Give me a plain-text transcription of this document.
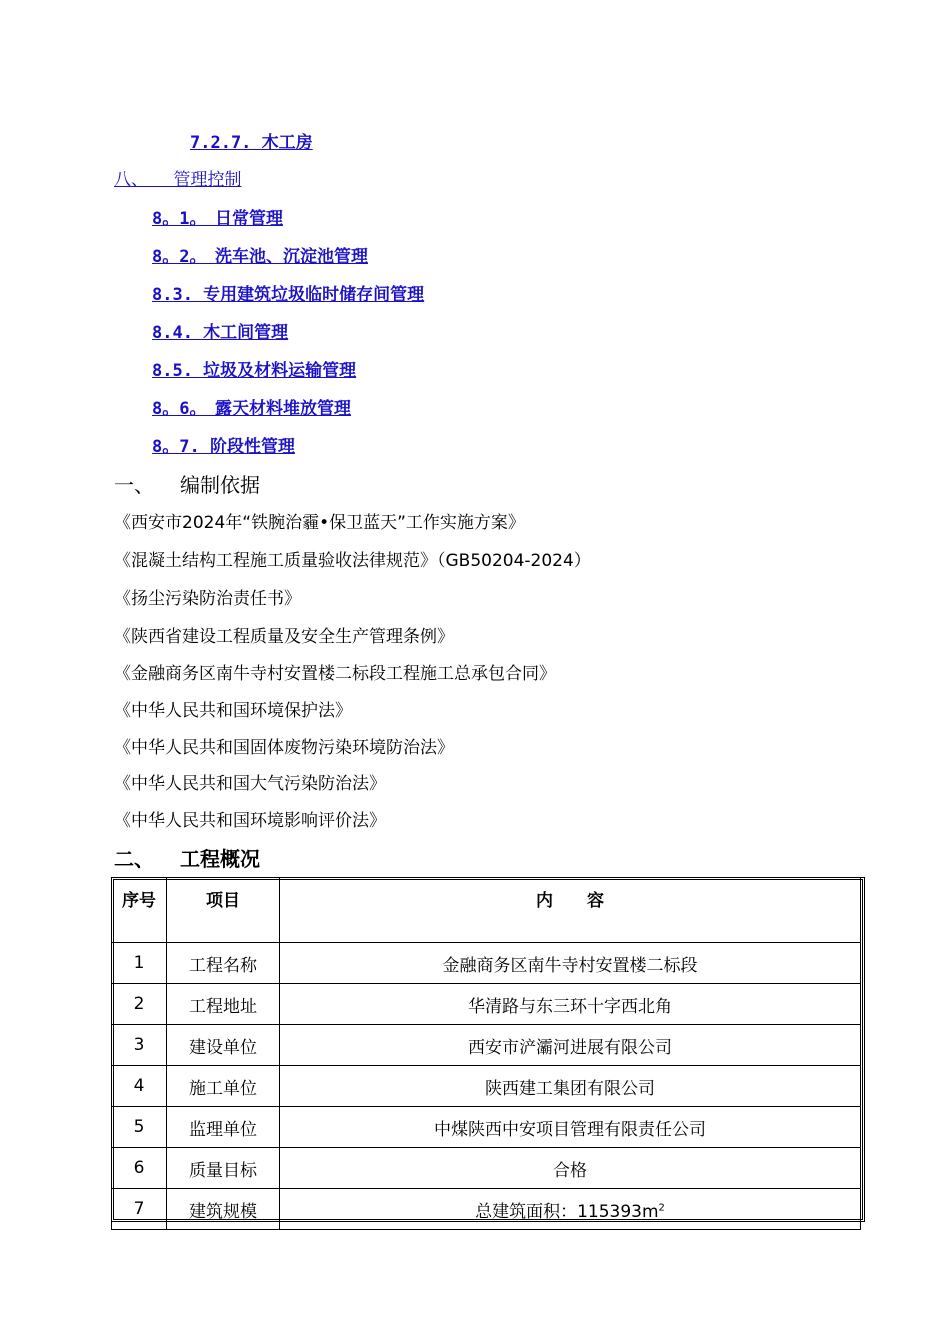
7.2.7. 木工房
八、　　管理控制
8。1。　日常管理
8。2。　洗车池、沉淀池管理
8.3. 专用建筑垃圾临时储存间管理
8.4. 木工间管理
8.5. 垃圾及材料运输管理
8。6。　露天材料堆放管理
8。7. 阶段性管理
一、 编制依据
《西安市2024年“铁腕治霾•保卫蓝天”工作实施方案》
《混凝土结构工程施工质量验收法律规范》（GB50204-2024）
《扬尘污染防治责任书》
《陕西省建设工程质量及安全生产管理条例》
《金融商务区南牛寺村安置楼二标段工程施工总承包合同》
《中华人民共和国环境保护法》
《中华人民共和国固体废物污染环境防治法》
《中华人民共和国大气污染防治法》
《中华人民共和国环境影响评价法》
二、 工程概况
序号	项目	内　　容
1	工程名称	金融商务区南牛寺村安置楼二标段
2	工程地址	华清路与东三环十字西北角
3	建设单位	西安市浐灞河进展有限公司
4	施工单位	陕西建工集团有限公司
5	监理单位	中煤陕西中安项目管理有限责任公司
6	质量目标	合格
7	建筑规模	总建筑面积：$115393m^2$
